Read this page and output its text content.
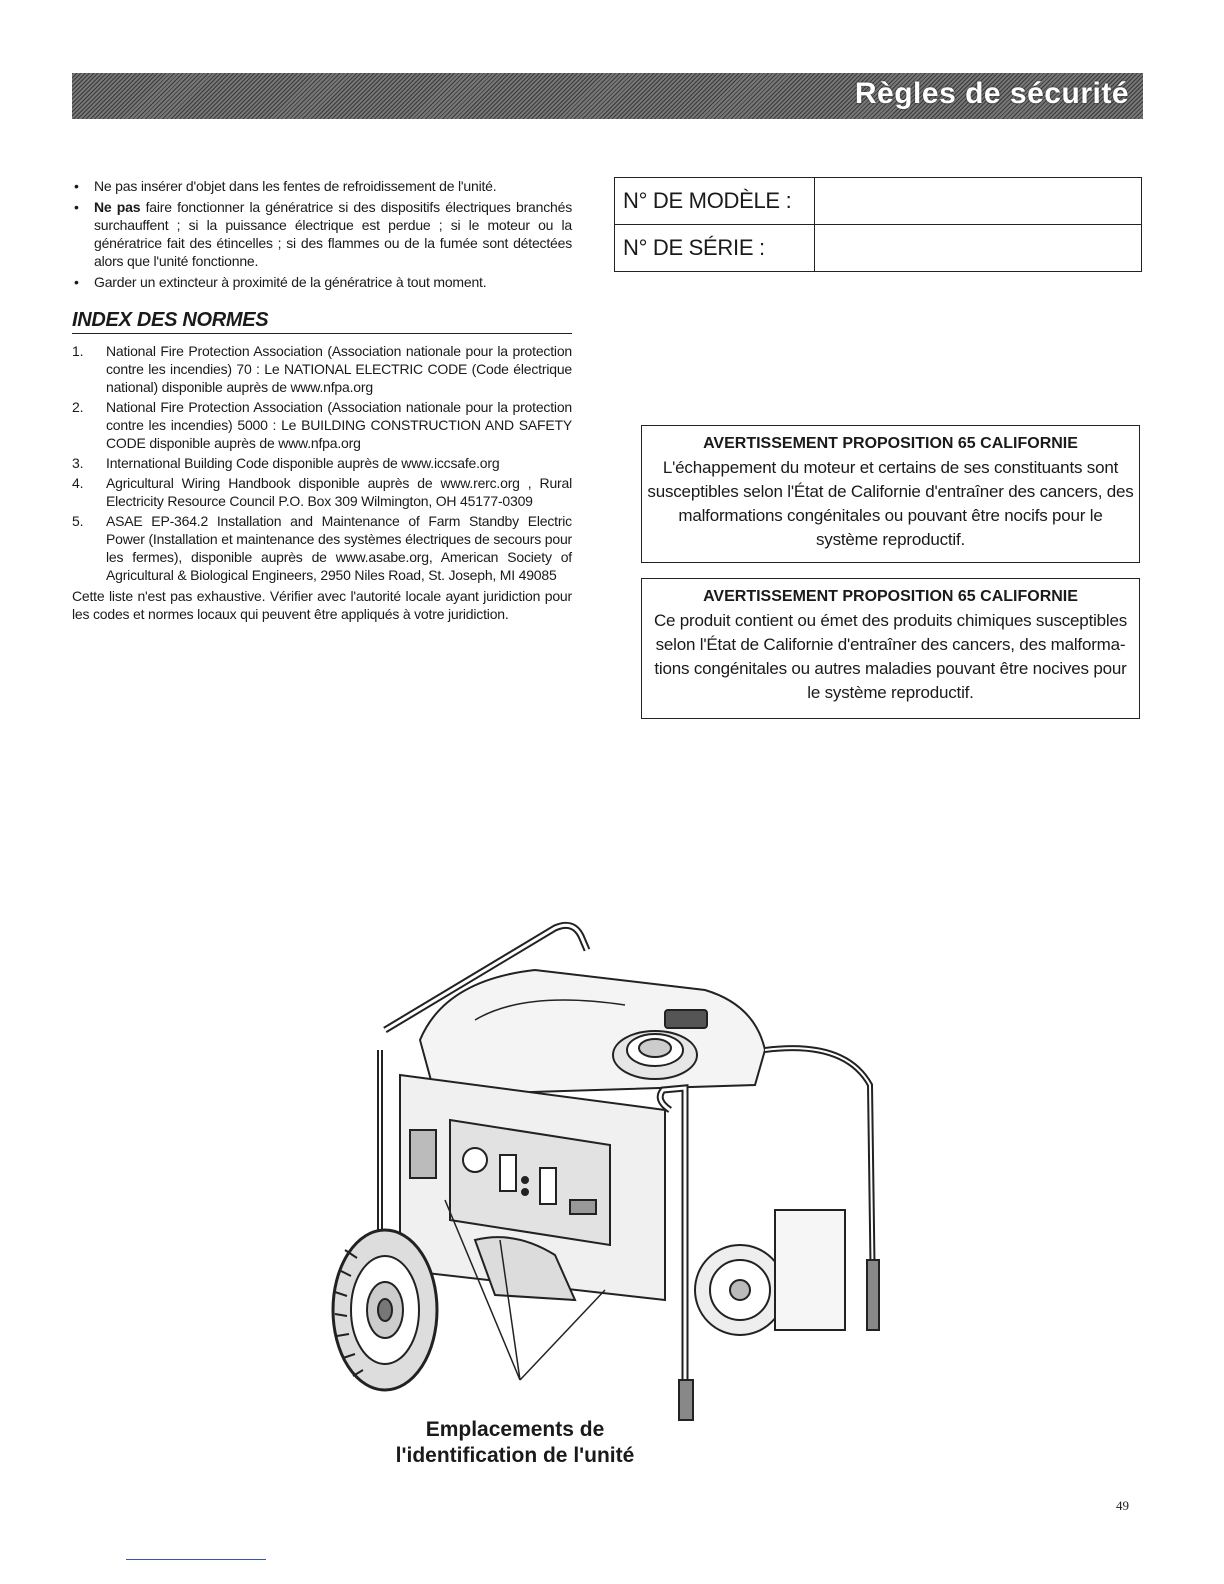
Règles de sécurité
• Ne pas insérer d'objet dans les fentes de refroidissement de l'unité.
• Ne pas faire fonctionner la génératrice si des dispositifs électriques branchés surchauffent ; si la puissance électrique est perdue ; si le moteur ou la génératrice fait des étincelles ; si des flammes ou de la fumée sont détectées alors que l'unité fonctionne.
• Garder un extincteur à proximité de la génératrice à tout moment.
INDEX DES NORMES
1. National Fire Protection Association (Association nationale pour la protection contre les incendies) 70 : Le NATIONAL ELECTRIC CODE (Code électrique national) disponible auprès de www.nfpa.org
2. National Fire Protection Association (Association nationale pour la protection contre les incendies) 5000 : Le BUILDING CONSTRUCTION AND SAFETY CODE disponible auprès de www.nfpa.org
3. International Building Code disponible auprès de www.iccsafe.org
4. Agricultural Wiring Handbook disponible auprès de www.rerc.org , Rural Electricity Resource Council P.O. Box 309 Wilmington, OH 45177-0309
5. ASAE EP-364.2 Installation and Maintenance of Farm Standby Electric Power (Installation et maintenance des systèmes électriques de secours pour les fermes), disponible auprès de www.asabe.org, American Society of Agricultural & Biological Engineers, 2950 Niles Road, St. Joseph, MI 49085
Cette liste n'est pas exhaustive. Vérifier avec l'autorité locale ayant juridiction pour les codes et normes locaux qui peuvent être appliqués à votre juridiction.
N° DE MODÈLE :	
N° DE SÉRIE :	
AVERTISSEMENT PROPOSITION 65 CALIFORNIE
L'échappement du moteur et certains de ses constituants sont susceptibles selon l'État de Californie d'entraîner des cancers, des malformations congénitales ou pouvant être nocifs pour le système reproductif.
AVERTISSEMENT PROPOSITION 65 CALIFORNIE
Ce produit contient ou émet des produits chimiques susceptibles selon l'État de Californie d'entraîner des cancers, des malforma-tions congénitales ou autres maladies pouvant être nocives pour le système reproductif.
Emplacements de
l'identification de l'unité
49
